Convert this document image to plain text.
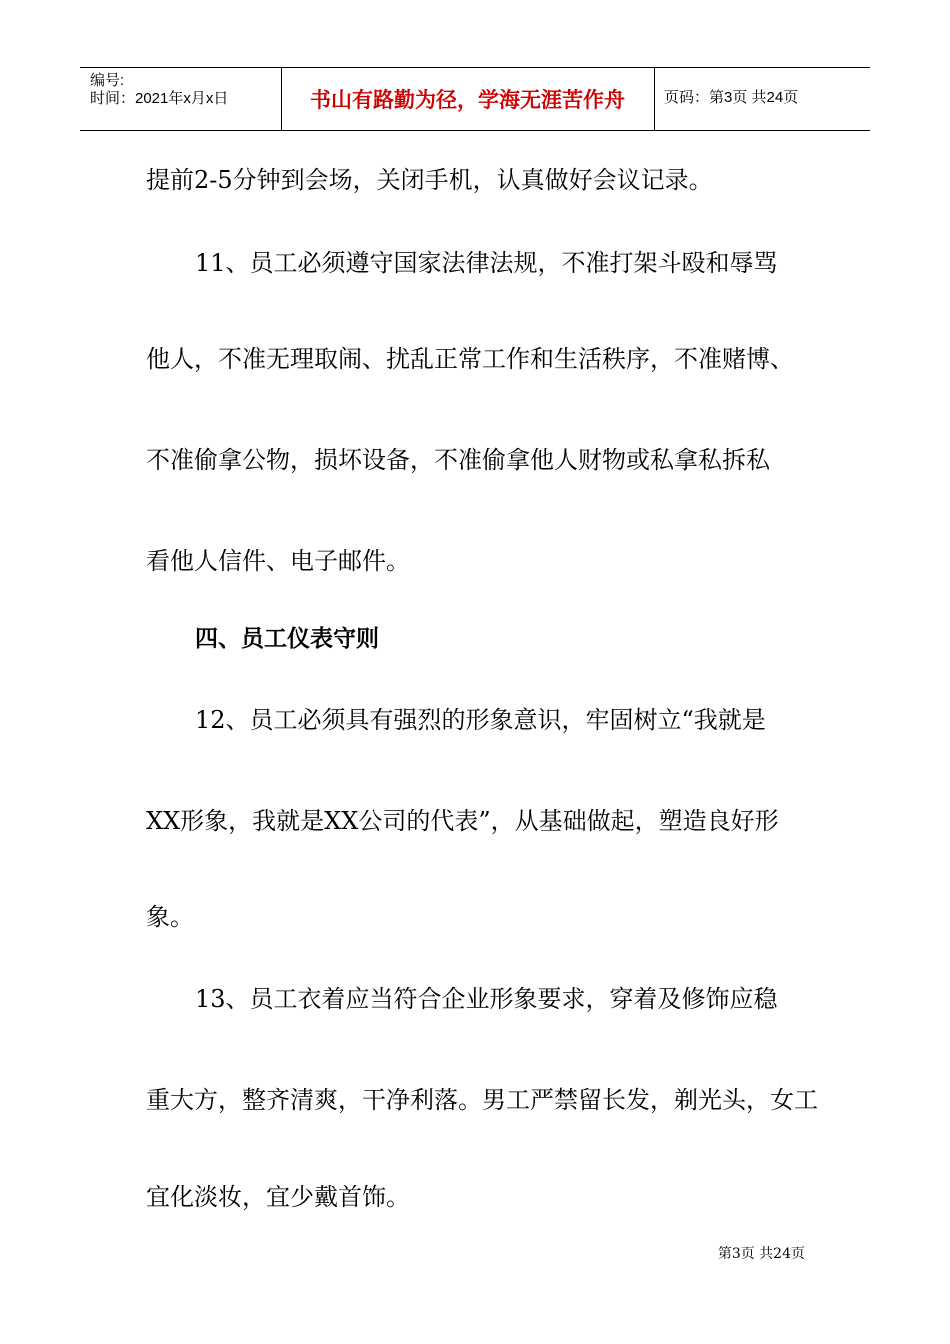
编号:
时间：2021年x月x日	书山有路勤为径，学海无涯苦作舟	页码：第3页 共24页
提前2-5分钟到会场，关闭手机，认真做好会议记录。
11、员工必须遵守国家法律法规，不准打架斗殴和辱骂
他人，不准无理取闹、扰乱正常工作和生活秩序，不准赌博、
不准偷拿公物，损坏设备，不准偷拿他人财物或私拿私拆私
看他人信件、电子邮件。
四、员工仪表守则
12、员工必须具有强烈的形象意识，牢固树立“我就是
XX形象，我就是XX公司的代表”，从基础做起，塑造良好形
象。
13、员工衣着应当符合企业形象要求，穿着及修饰应稳
重大方，整齐清爽，干净利落。男工严禁留长发，剃光头，女工
宜化淡妆，宜少戴首饰。
第3页 共24页
